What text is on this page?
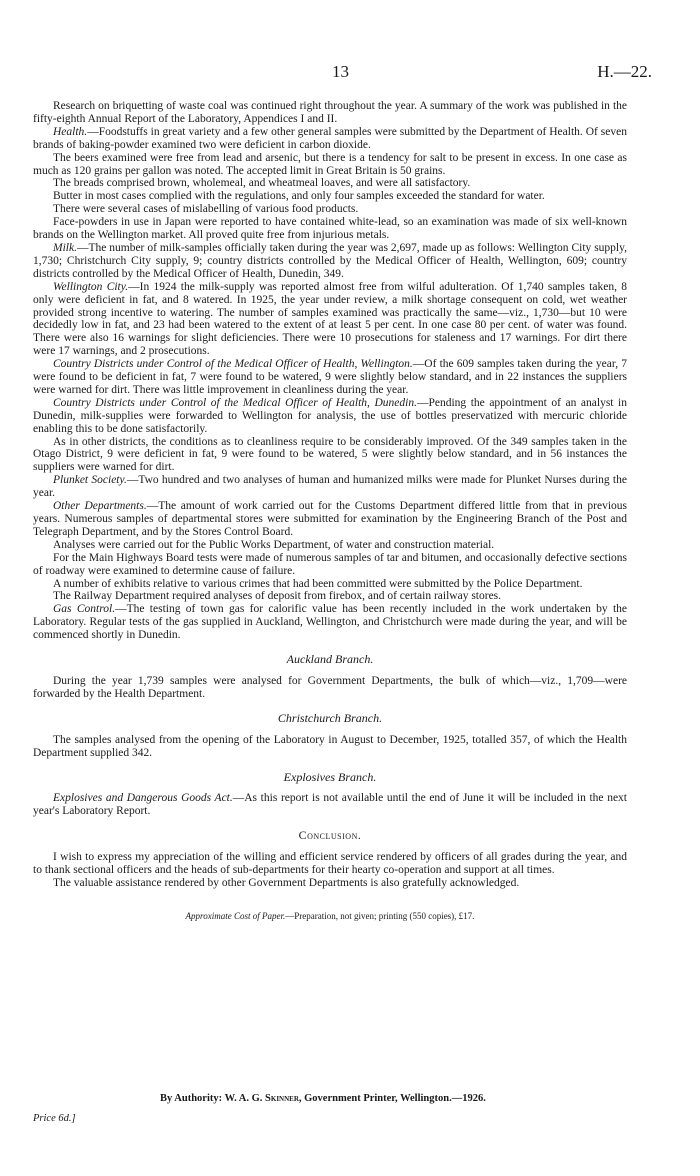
13	H.—22.

Research on briquetting of waste coal was continued right throughout the year. A summary of the work was published in the fifty-eighth Annual Report of the Laboratory, Appendices I and II.

Health.—Foodstuffs in great variety and a few other general samples were submitted by the Department of Health. Of seven brands of baking-powder examined two were deficient in carbon dioxide.

The beers examined were free from lead and arsenic, but there is a tendency for salt to be present in excess. In one case as much as 120 grains per gallon was noted. The accepted limit in Great Britain is 50 grains.

The breads comprised brown, wholemeal, and wheatmeal loaves, and were all satisfactory.

Butter in most cases complied with the regulations, and only four samples exceeded the standard for water.

There were several cases of mislabelling of various food products.

Face-powders in use in Japan were reported to have contained white-lead, so an examination was made of six well-known brands on the Wellington market. All proved quite free from injurious metals.

Milk.—The number of milk-samples officially taken during the year was 2,697, made up as follows: Wellington City supply, 1,730; Christchurch City supply, 9; country districts controlled by the Medical Officer of Health, Wellington, 609; country districts controlled by the Medical Officer of Health, Dunedin, 349.

Wellington City.—In 1924 the milk-supply was reported almost free from wilful adulteration. Of 1,740 samples taken, 8 only were deficient in fat, and 8 watered. In 1925, the year under review, a milk shortage consequent on cold, wet weather provided strong incentive to watering. The number of samples examined was practically the same—viz., 1,730—but 10 were decidedly low in fat, and 23 had been watered to the extent of at least 5 per cent. In one case 80 per cent. of water was found. There were also 16 warnings for slight deficiencies. There were 10 prosecutions for staleness and 17 warnings. For dirt there were 17 warnings, and 2 prosecutions.

Country Districts under Control of the Medical Officer of Health, Wellington.—Of the 609 samples taken during the year, 7 were found to be deficient in fat, 7 were found to be watered, 9 were slightly below standard, and in 22 instances the suppliers were warned for dirt. There was little improvement in cleanliness during the year.

Country Districts under Control of the Medical Officer of Health, Dunedin.—Pending the appointment of an analyst in Dunedin, milk-supplies were forwarded to Wellington for analysis, the use of bottles preservatized with mercuric chloride enabling this to be done satisfactorily.

As in other districts, the conditions as to cleanliness require to be considerably improved. Of the 349 samples taken in the Otago District, 9 were deficient in fat, 9 were found to be watered, 5 were slightly below standard, and in 56 instances the suppliers were warned for dirt.

Plunket Society.—Two hundred and two analyses of human and humanized milks were made for Plunket Nurses during the year.

Other Departments.—The amount of work carried out for the Customs Department differed little from that in previous years. Numerous samples of departmental stores were submitted for examination by the Engineering Branch of the Post and Telegraph Department, and by the Stores Control Board.

Analyses were carried out for the Public Works Department, of water and construction material.

For the Main Highways Board tests were made of numerous samples of tar and bitumen, and occasionally defective sections of roadway were examined to determine cause of failure.

A number of exhibits relative to various crimes that had been committed were submitted by the Police Department.

The Railway Department required analyses of deposit from firebox, and of certain railway stores.

Gas Control.—The testing of town gas for calorific value has been recently included in the work undertaken by the Laboratory. Regular tests of the gas supplied in Auckland, Wellington, and Christchurch were made during the year, and will be commenced shortly in Dunedin.

Auckland Branch.

During the year 1,739 samples were analysed for Government Departments, the bulk of which—viz., 1,709—were forwarded by the Health Department.

Christchurch Branch.

The samples analysed from the opening of the Laboratory in August to December, 1925, totalled 357, of which the Health Department supplied 342.

Explosives Branch.

Explosives and Dangerous Goods Act.—As this report is not available until the end of June it will be included in the next year's Laboratory Report.

Conclusion.

I wish to express my appreciation of the willing and efficient service rendered by officers of all grades during the year, and to thank sectional officers and the heads of sub-departments for their hearty co-operation and support at all times.

The valuable assistance rendered by other Government Departments is also gratefully acknowledged.

Approximate Cost of Paper.—Preparation, not given; printing (550 copies), £17.
By Authority: W. A. G. Skinner, Government Printer, Wellington.—1926.
Price 6d.]
